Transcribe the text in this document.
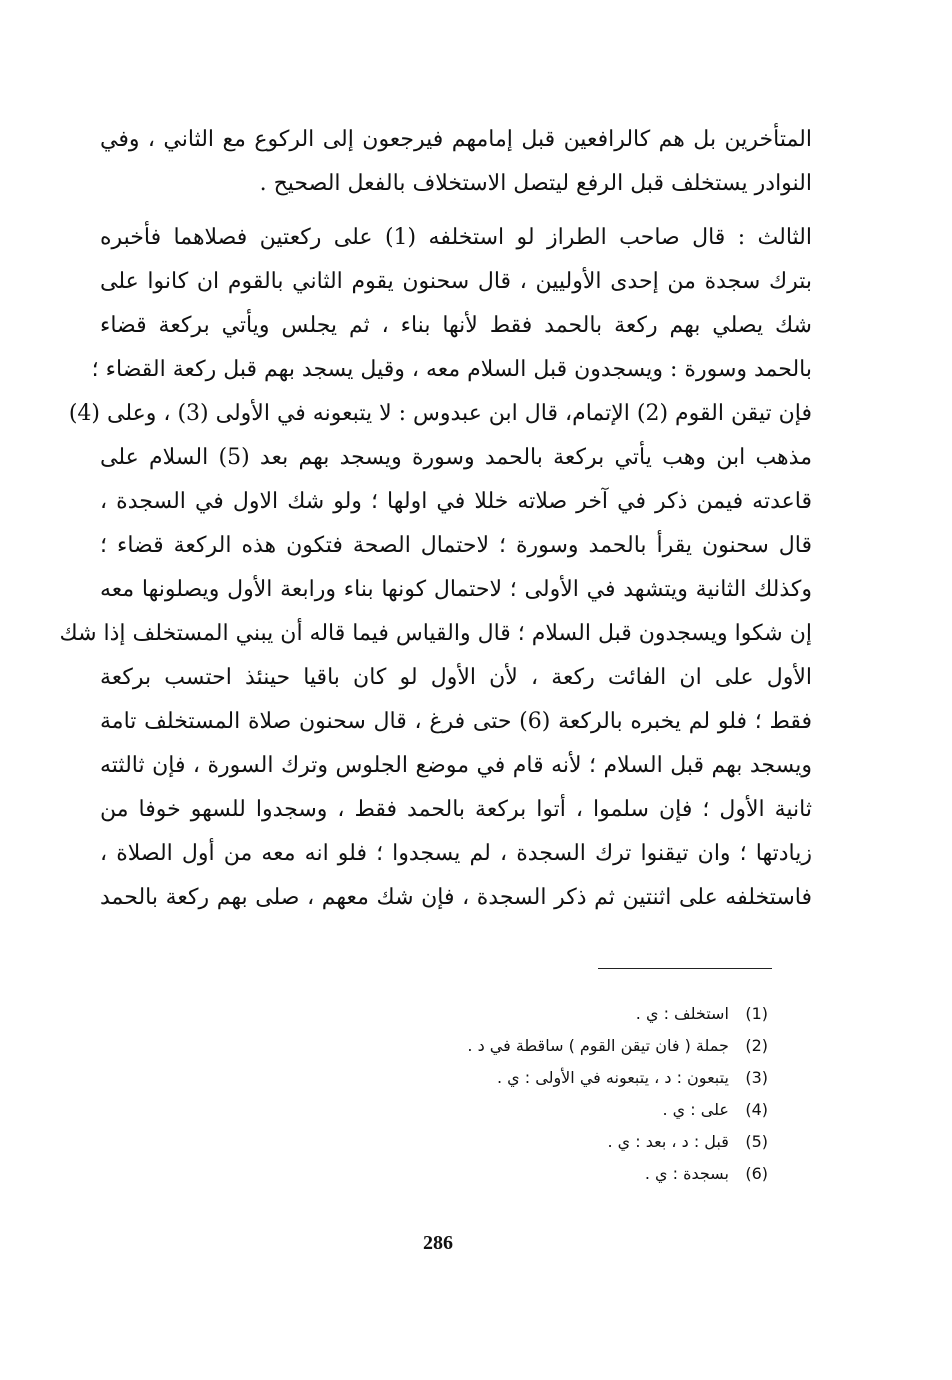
المتأخرين بل هم كالرافعين قبل إمامهم فيرجعون إلى الركوع مع الثاني ، وفي
النوادر يستخلف قبل الرفع ليتصل الاستخلاف بالفعل الصحيح .
الثالث : قال صاحب الطراز لو استخلفه (1) على ركعتين فصلاهما فأخبره
بترك سجدة من إحدى الأوليين ، قال سحنون يقوم الثاني بالقوم ان كانوا على
شك يصلي بهم ركعة بالحمد فقط لأنها بناء ، ثم يجلس ويأتي بركعة قضاء
بالحمد وسورة : ويسجدون قبل السلام معه ، وقيل يسجد بهم قبل ركعة القضاء ؛
فإن تيقن القوم (2) الإتمام، قال ابن عبدوس : لا يتبعونه في الأولى (3) ، وعلى (4)
مذهب ابن وهب يأتي بركعة بالحمد وسورة ويسجد بهم بعد (5) السلام على
قاعدته فيمن ذكر في آخر صلاته خللا في اولها ؛ ولو شك الاول في السجدة ،
قال سحنون يقرأ بالحمد وسورة ؛ لاحتمال الصحة فتكون هذه الركعة قضاء ؛
وكذلك الثانية ويتشهد في الأولى ؛ لاحتمال كونها بناء ورابعة الأول ويصلونها معه
إن شكوا ويسجدون قبل السلام ؛ قال والقياس فيما قاله أن يبني المستخلف إذا شك
الأول على ان الفائت ركعة ، لأن الأول لو كان باقيا حينئذ احتسب بركعة
فقط ؛ فلو لم يخبره بالركعة (6) حتى فرغ ، قال سحنون صلاة المستخلف تامة
ويسجد بهم قبل السلام ؛ لأنه قام في موضع الجلوس وترك السورة ، فإن ثالثته
ثانية الأول ؛ فإن سلموا ، أتوا بركعة بالحمد فقط ، وسجدوا للسهو خوفا من
زيادتها ؛ وان تيقنوا ترك السجدة ، لم يسجدوا ؛ فلو انه معه من أول الصلاة ،
فاستخلفه على اثنتين ثم ذكر السجدة ، فإن شك معهم ، صلى بهم ركعة بالحمد
(1) استخلف : ي .
(2) جملة ( فان تيقن القوم ) ساقطة في د .
(3) يتبعون : د ، يتبعونه في الأولى : ي .
(4) على : ي .
(5) قبل : د ، بعد : ي .
(6) بسجدة : ي .
286
